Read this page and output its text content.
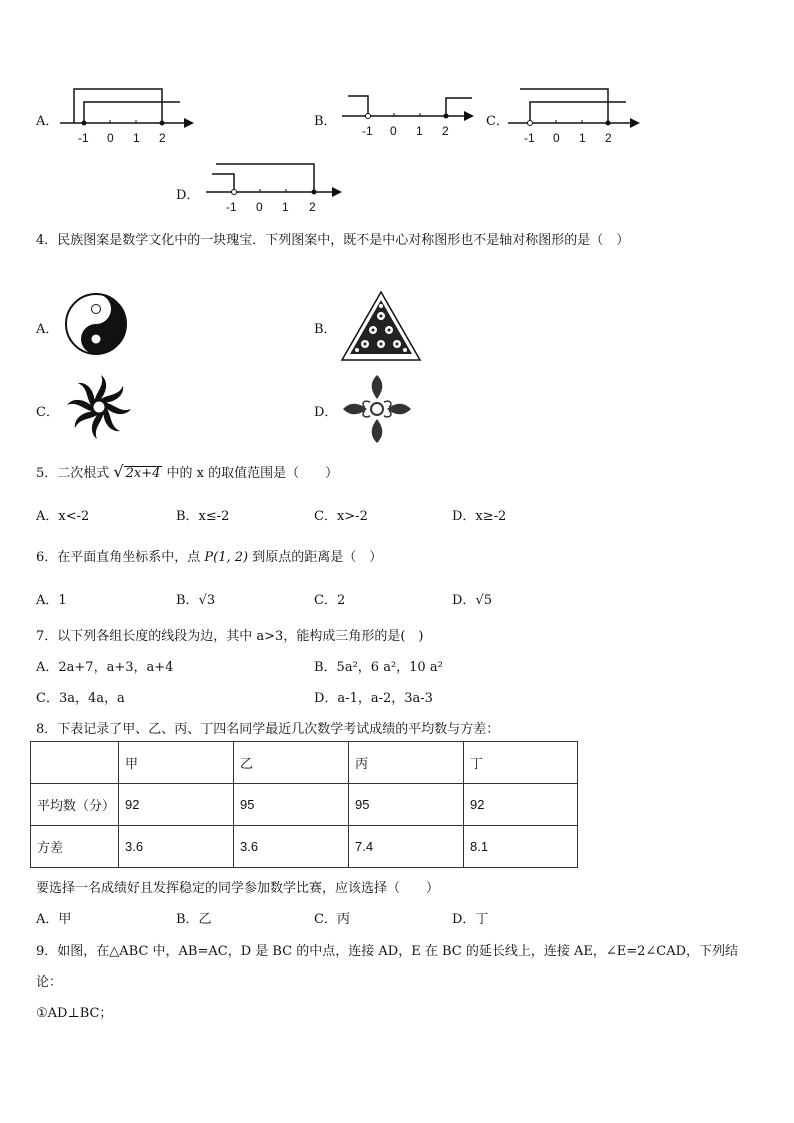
A．
-1 0 1 2
B．
-1 0 1 2
C．
-1 0 1 2
D．
-1 0 1 2
4．民族图案是数学文化中的一块瑰宝．下列图案中，既不是中心对称图形也不是轴对称图形的是（　）
A．	B．
C．	D．
5．二次根式 √ 2x+4 中的 x 的取值范围是（　　）
A．x<-2	B．x≤-2	C．x>-2	D．x≥-2
6．在平面直角坐标系中，点 P(1, 2) 到原点的距离是（　）
A．1	B．√3	C．2	D．√5
7．以下列各组长度的线段为边，其中 a>3，能构成三角形的是(　)
A．2a+7，a+3，a+4	B．5a²，6 a²，10 a²
C．3a，4a，a	D．a-1，a-2，3a-3
8．下表记录了甲、乙、丙、丁四名同学最近几次数学考试成绩的平均数与方差：
	甲	乙	丙	丁
平均数（分）	92	95	95	92
方差	3.6	3.6	7.4	8.1
要选择一名成绩好且发挥稳定的同学参加数学比赛，应该选择（　　）
A．甲	B．乙	C．丙	D．丁
9．如图，在△ABC 中，AB=AC，D 是 BC 的中点，连接 AD，E 在 BC 的延长线上，连接 AE，∠E=2∠CAD，下列结
论：
①AD⊥BC；
